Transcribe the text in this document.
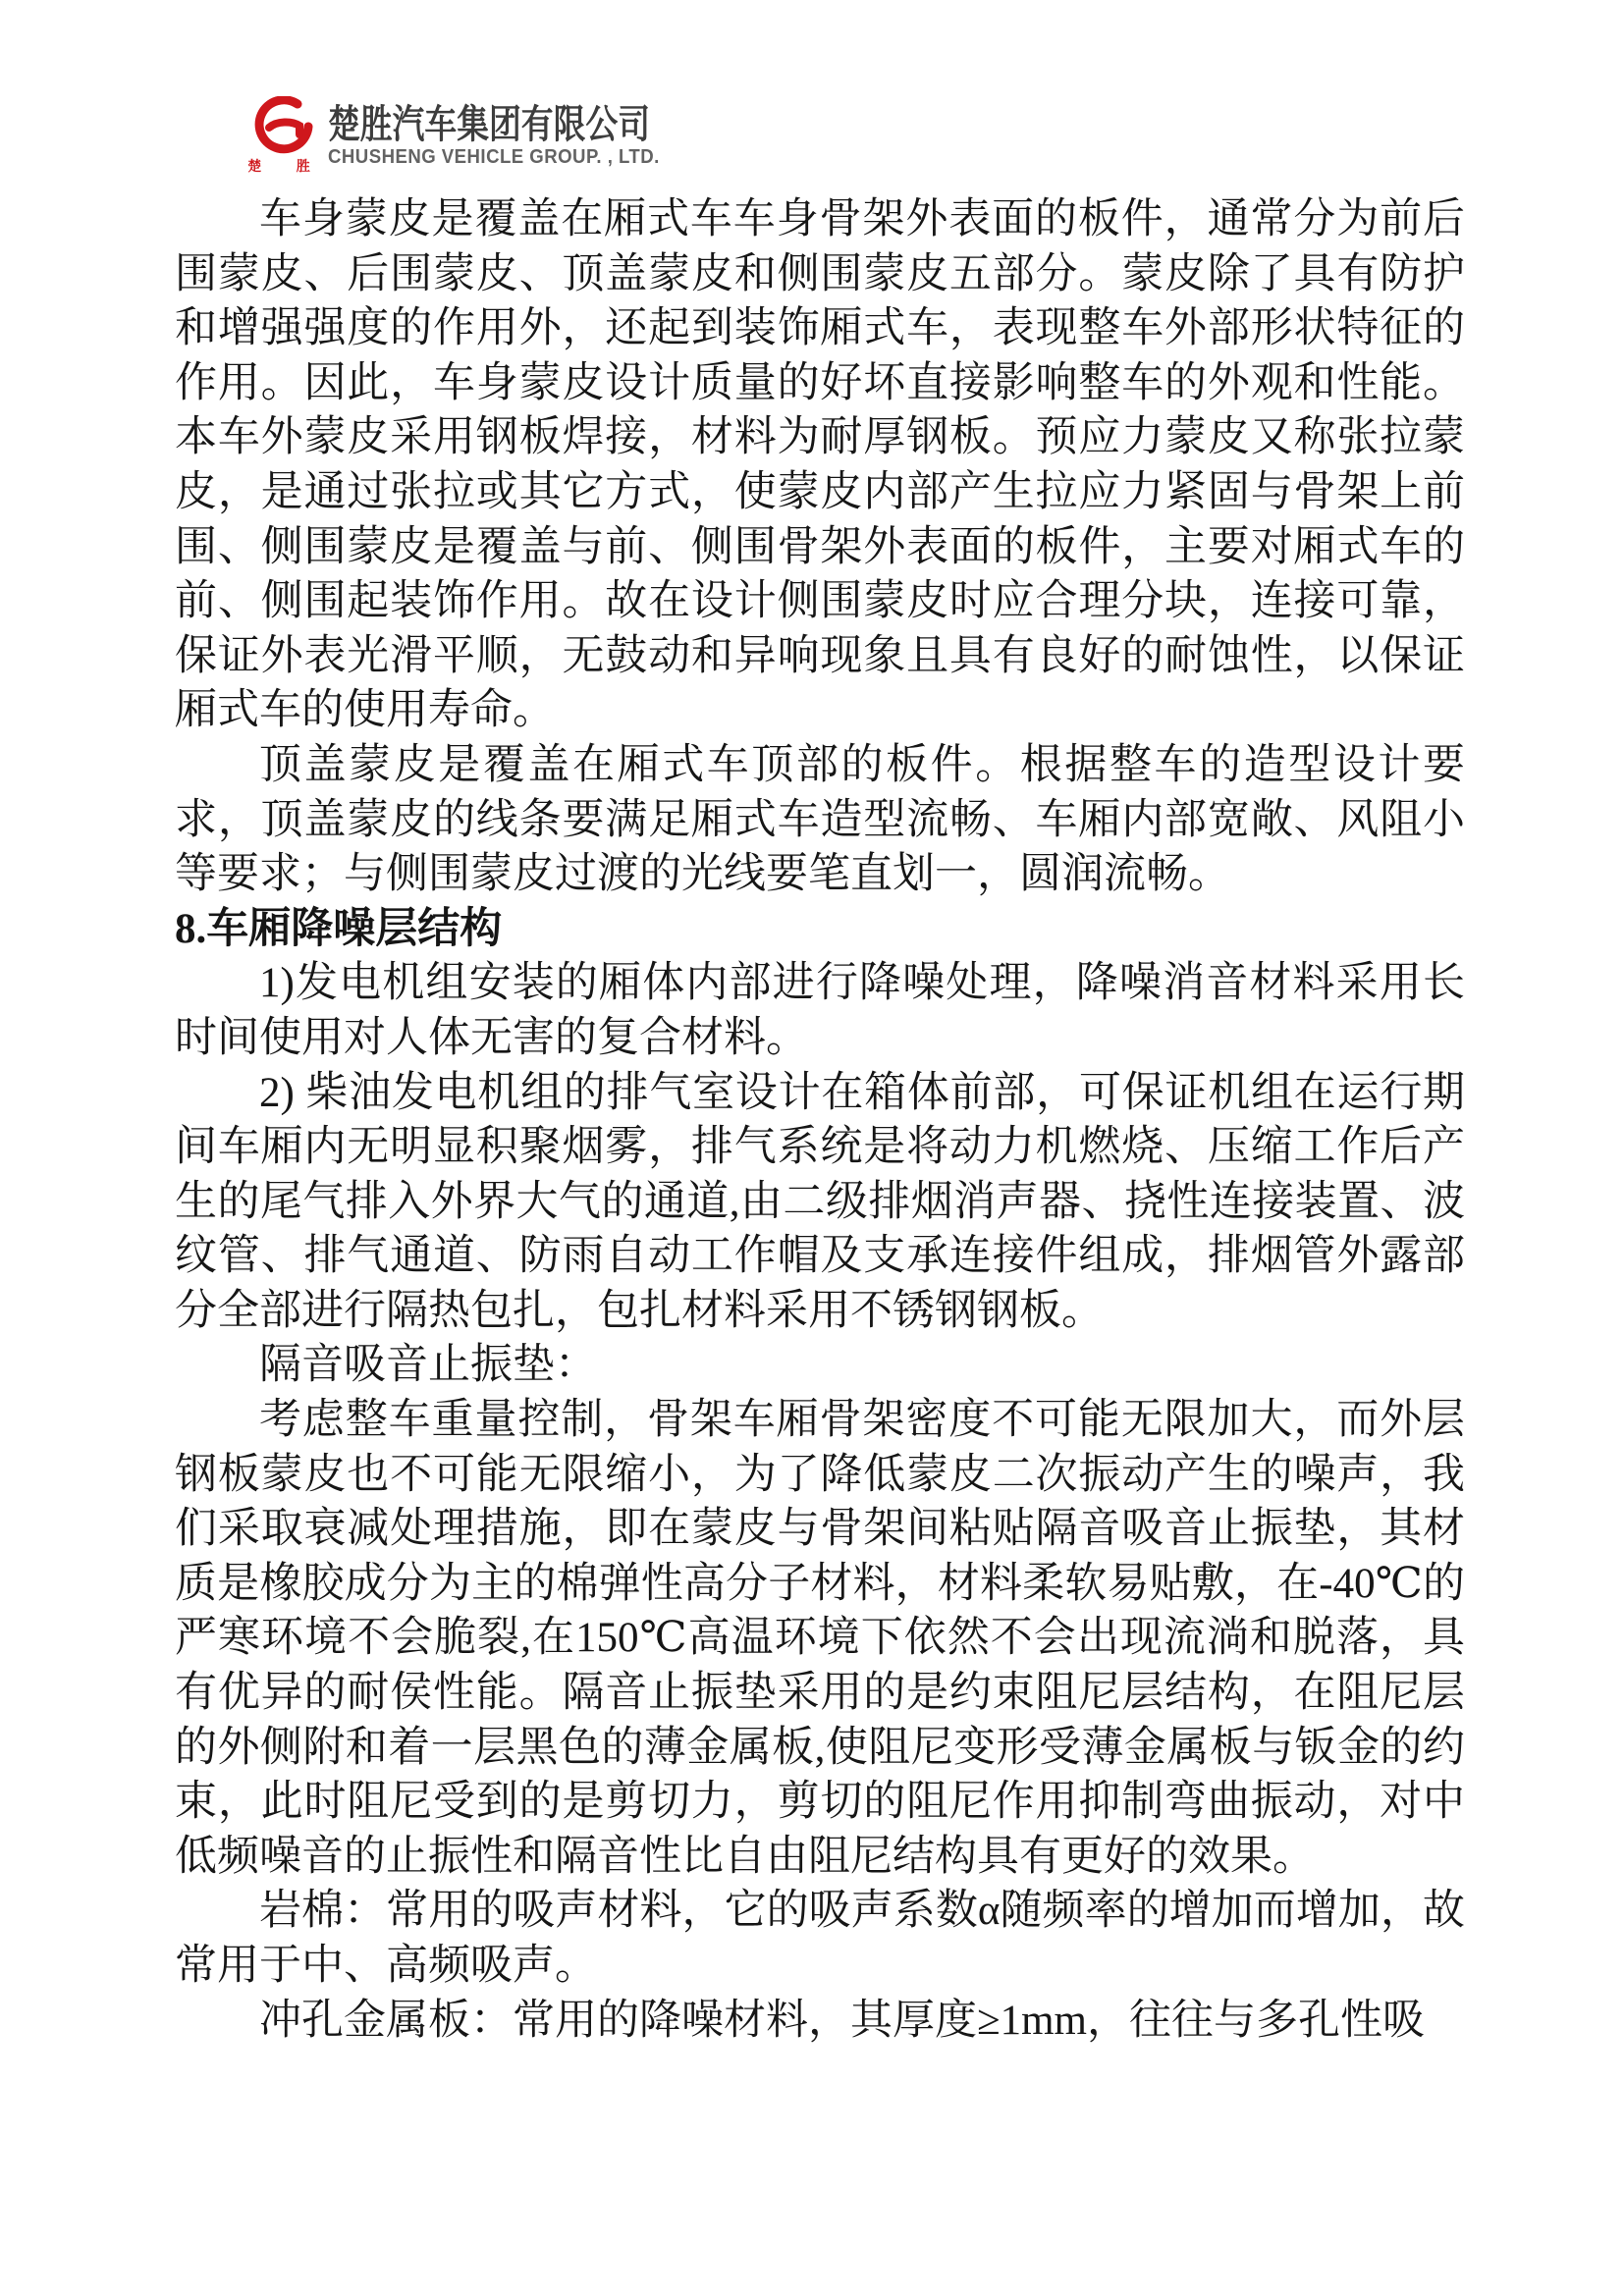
楚 胜
楚胜汽车集团有限公司
CHUSHENG VEHICLE GROUP. , LTD.

车身蒙皮是覆盖在厢式车车身骨架外表面的板件，通常分为前后围蒙皮、后围蒙皮、顶盖蒙皮和侧围蒙皮五部分。蒙皮除了具有防护和增强强度的作用外，还起到装饰厢式车，表现整车外部形状特征的作用。因此，车身蒙皮设计质量的好坏直接影响整车的外观和性能。本车外蒙皮采用钢板焊接，材料为耐厚钢板。预应力蒙皮又称张拉蒙皮，是通过张拉或其它方式，使蒙皮内部产生拉应力紧固与骨架上前围、侧围蒙皮是覆盖与前、侧围骨架外表面的板件，主要对厢式车的前、侧围起装饰作用。故在设计侧围蒙皮时应合理分块，连接可靠，保证外表光滑平顺，无鼓动和异响现象且具有良好的耐蚀性，以保证厢式车的使用寿命。

顶盖蒙皮是覆盖在厢式车顶部的板件。根据整车的造型设计要求，顶盖蒙皮的线条要满足厢式车造型流畅、车厢内部宽敞、风阻小等要求；与侧围蒙皮过渡的光线要笔直划一，圆润流畅。

8.车厢降噪层结构

1)发电机组安装的厢体内部进行降噪处理，降噪消音材料采用长时间使用对人体无害的复合材料。

2) 柴油发电机组的排气室设计在箱体前部，可保证机组在运行期间车厢内无明显积聚烟雾，排气系统是将动力机燃烧、压缩工作后产生的尾气排入外界大气的通道,由二级排烟消声器、挠性连接装置、波纹管、排气通道、防雨自动工作帽及支承连接件组成，排烟管外露部分全部进行隔热包扎，包扎材料采用不锈钢钢板。

隔音吸音止振垫：

考虑整车重量控制，骨架车厢骨架密度不可能无限加大，而外层钢板蒙皮也不可能无限缩小，为了降低蒙皮二次振动产生的噪声，我们采取衰减处理措施，即在蒙皮与骨架间粘贴隔音吸音止振垫，其材质是橡胶成分为主的棉弹性高分子材料，材料柔软易贴敷，在-40℃的严寒环境不会脆裂,在150℃高温环境下依然不会出现流淌和脱落，具有优异的耐侯性能。隔音止振垫采用的是约束阻尼层结构，在阻尼层的外侧附和着一层黑色的薄金属板,使阻尼变形受薄金属板与钣金的约束，此时阻尼受到的是剪切力，剪切的阻尼作用抑制弯曲振动，对中低频噪音的止振性和隔音性比自由阻尼结构具有更好的效果。

岩棉：常用的吸声材料，它的吸声系数α随频率的增加而增加，故常用于中、高频吸声。

冲孔金属板：常用的降噪材料，其厚度≥1mm，往往与多孔性吸
